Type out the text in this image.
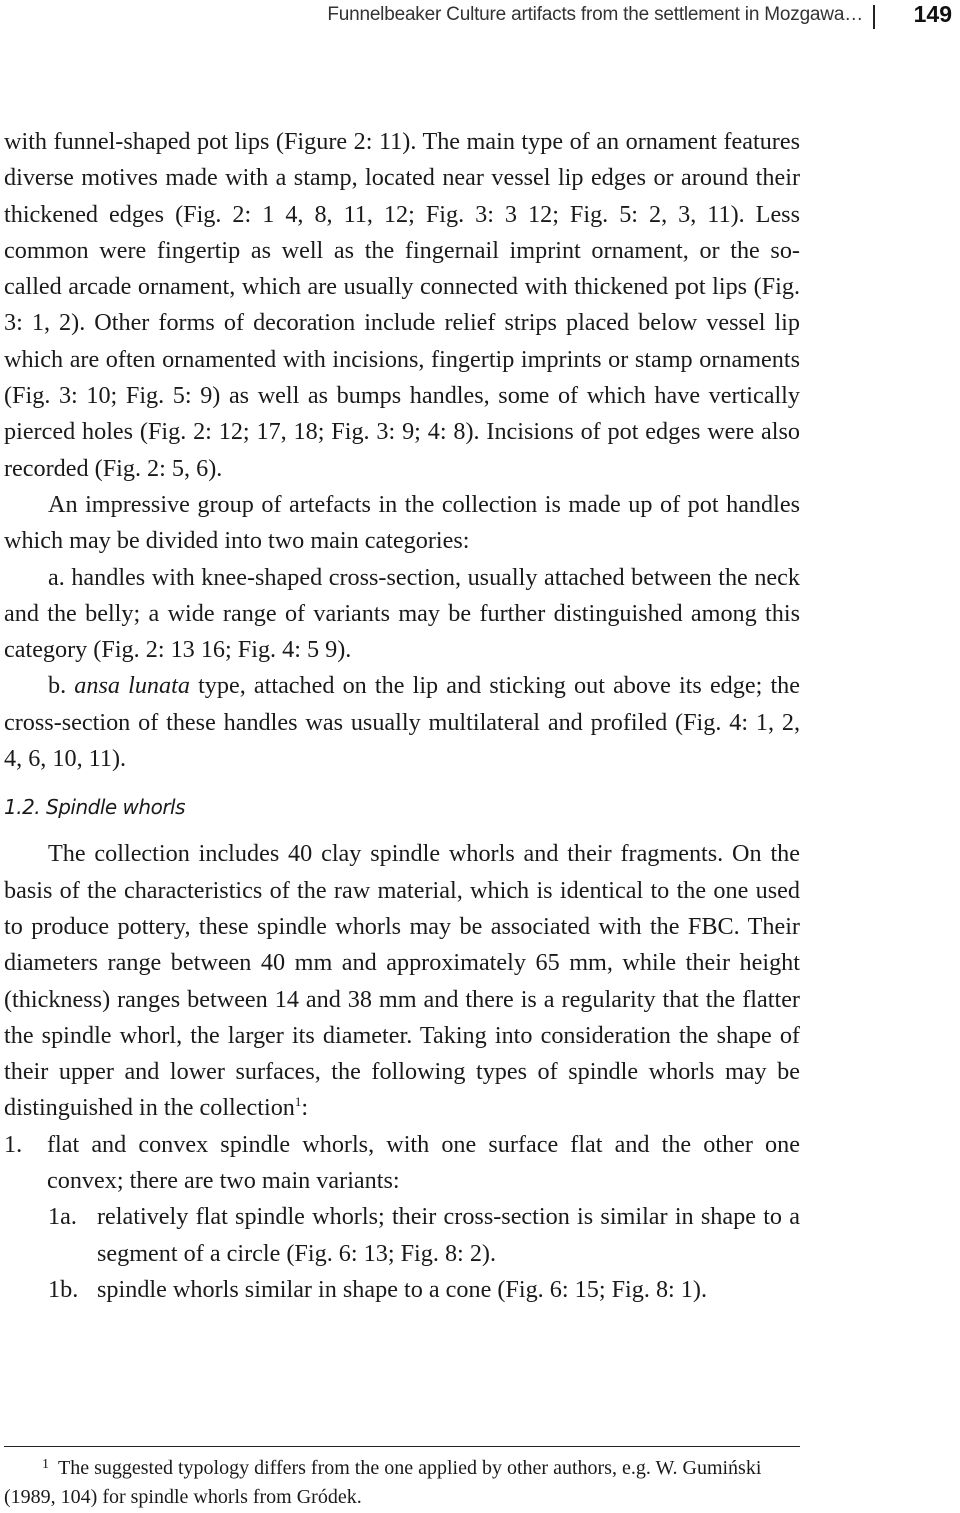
Funnelbeaker Culture artifacts from the settlement in Mozgawa… 149

with funnel-shaped pot lips (Figure 2: 11). The main type of an ornament features diverse motives made with a stamp, located near vessel lip edges or around their thickened edges (Fig. 2: 1 4, 8, 11, 12; Fig. 3: 3 12; Fig. 5: 2, 3, 11). Less common were fingertip as well as the fingernail imprint ornament, or the so-called arcade ornament, which are usually connected with thickened pot lips (Fig. 3: 1, 2). Other forms of decoration include relief strips placed below vessel lip which are often ornamented with incisions, fingertip imprints or stamp ornaments (Fig. 3: 10; Fig. 5: 9) as well as bumps handles, some of which have vertically pierced holes (Fig. 2: 12; 17, 18; Fig. 3: 9; 4: 8). Incisions of pot edges were also recorded (Fig. 2: 5, 6).

An impressive group of artefacts in the collection is made up of pot handles which may be divided into two main categories:

a. handles with knee-shaped cross-section, usually attached between the neck and the belly; a wide range of variants may be further distinguished among this category (Fig. 2: 13 16; Fig. 4: 5 9).

b. ansa lunata type, attached on the lip and sticking out above its edge; the cross-section of these handles was usually multilateral and profiled (Fig. 4: 1, 2, 4, 6, 10, 11).

1.2. Spindle whorls

The collection includes 40 clay spindle whorls and their fragments. On the basis of the characteristics of the raw material, which is identical to the one used to produce pottery, these spindle whorls may be associated with the FBC. Their diameters range between 40 mm and approximately 65 mm, while their height (thickness) ranges between 14 and 38 mm and there is a regularity that the flatter the spindle whorl, the larger its diameter. Taking into consideration the shape of their upper and lower surfaces, the following types of spindle whorls may be distinguished in the collection$^1$:

1. flat and convex spindle whorls, with one surface flat and the other one convex; there are two main variants:
1a. relatively flat spindle whorls; their cross-section is similar in shape to a segment of a circle (Fig. 6: 13; Fig. 8: 2).
1b. spindle whorls similar in shape to a cone (Fig. 6: 15; Fig. 8: 1).
$^1$ The suggested typology differs from the one applied by other authors, e.g. W. Gumiński (1989, 104) for spindle whorls from Gródek.
